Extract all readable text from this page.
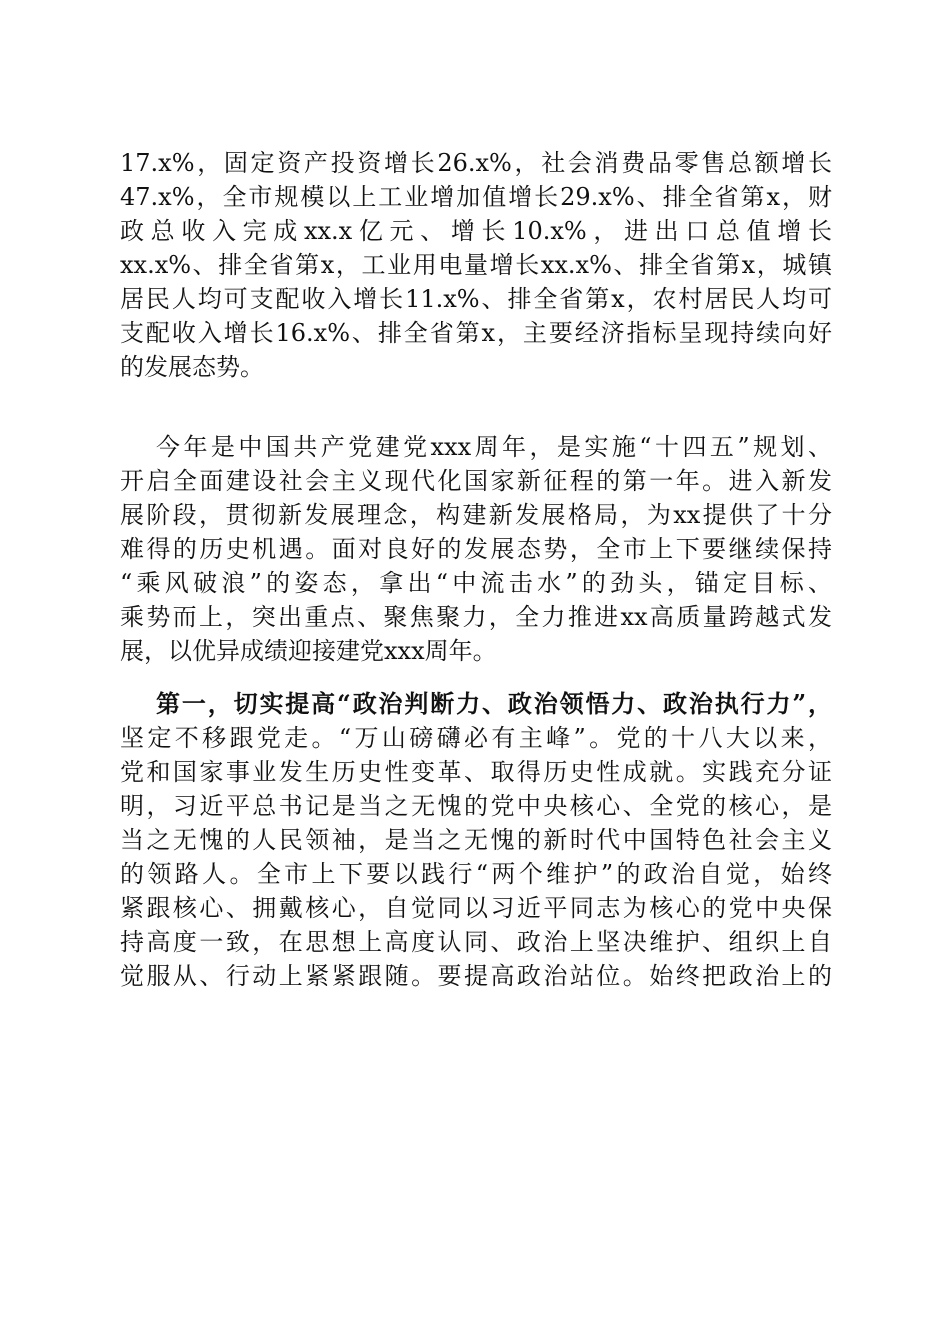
17.x%，固定资产投资增长26.x%，社会消费品零售总额增长
47.x%，全市规模以上工业增加值增长29.x%、排全省第x，财
政总收入完成xx.x亿元、增长10.x%，进出口总值增长
xx.x%、排全省第x，工业用电量增长xx.x%、排全省第x，城镇
居民人均可支配收入增长11.x%、排全省第x，农村居民人均可
支配收入增长16.x%、排全省第x，主要经济指标呈现持续向好
的发展态势。
今年是中国共产党建党xxx周年，是实施“十四五”规划、
开启全面建设社会主义现代化国家新征程的第一年。进入新发
展阶段，贯彻新发展理念，构建新发展格局，为xx提供了十分
难得的历史机遇。面对良好的发展态势，全市上下要继续保持
“乘风破浪”的姿态，拿出“中流击水”的劲头，锚定目标、
乘势而上，突出重点、聚焦聚力，全力推进xx高质量跨越式发
展，以优异成绩迎接建党xxx周年。
第一，切实提高“政治判断力、政治领悟力、政治执行力”，
坚定不移跟党走。“万山磅礴必有主峰”。党的十八大以来，
党和国家事业发生历史性变革、取得历史性成就。实践充分证
明，习近平总书记是当之无愧的党中央核心、全党的核心，是
当之无愧的人民领袖，是当之无愧的新时代中国特色社会主义
的领路人。全市上下要以践行“两个维护”的政治自觉，始终
紧跟核心、拥戴核心，自觉同以习近平同志为核心的党中央保
持高度一致，在思想上高度认同、政治上坚决维护、组织上自
觉服从、行动上紧紧跟随。要提高政治站位。始终把政治上的
